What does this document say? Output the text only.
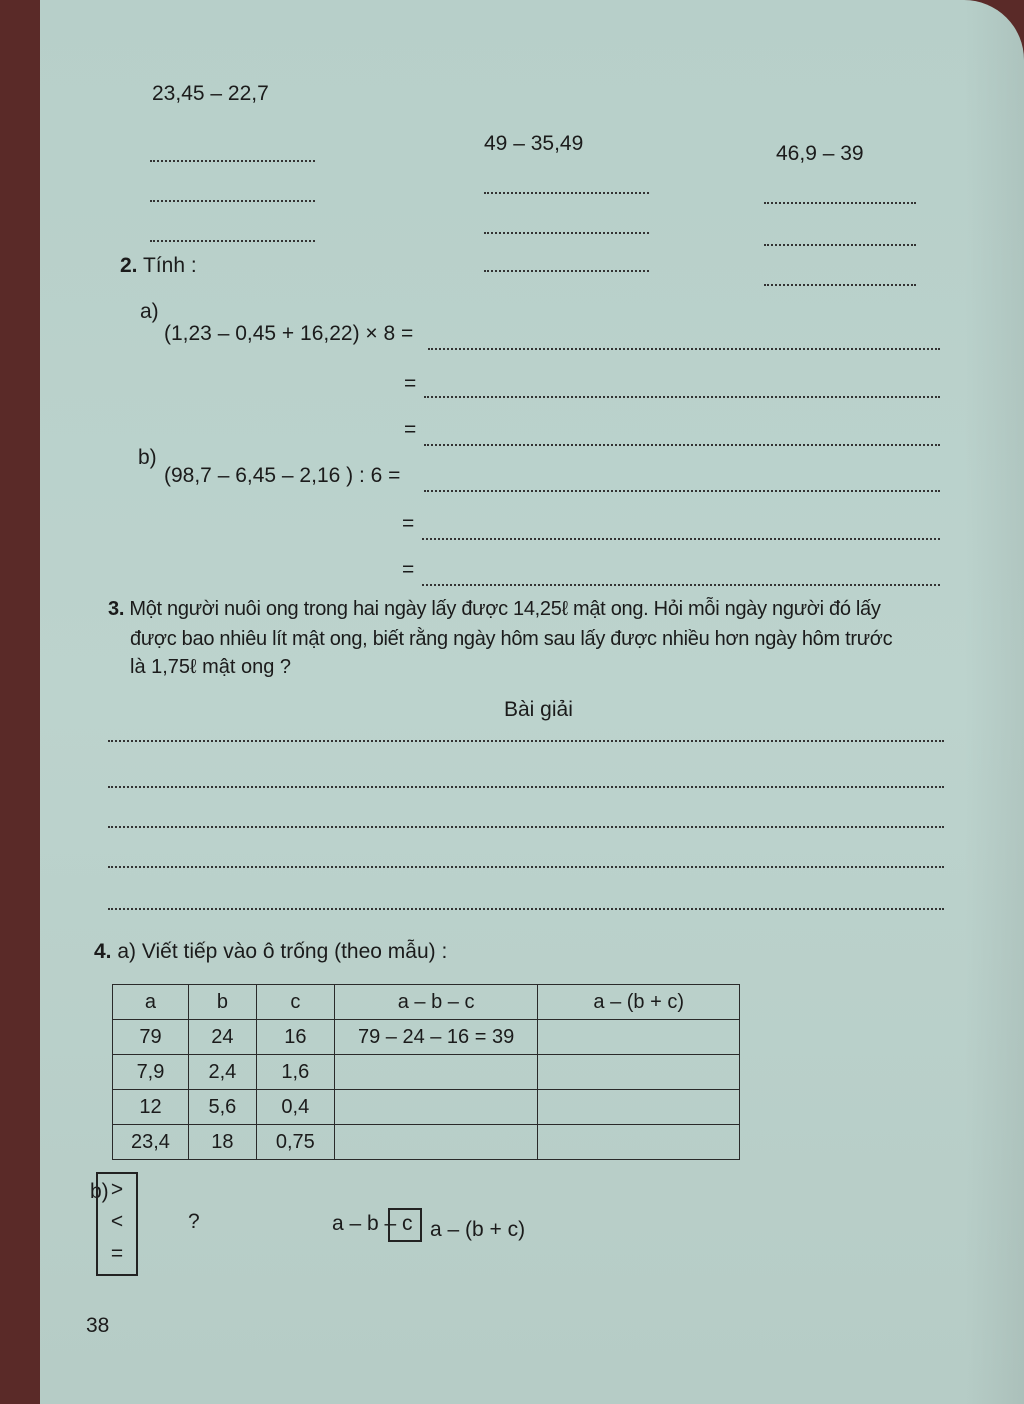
23,45 – 22,7
49 – 35,49	46,9 – 39
2. Tính :
a)
(1,23 – 0,45 + 16,22) × 8 =
=
=
b)
(98,7 – 6,45 – 2,16 ) : 6 =
=
=
3. Một người nuôi ong trong hai ngày lấy được 14,25ℓ mật ong. Hỏi mỗi ngày người đó lấy
được bao nhiêu lít mật ong, biết rằng ngày hôm sau lấy được nhiều hơn ngày hôm trước
là 1,75ℓ mật ong ?
Bài giải
4. a) Viết tiếp vào ô trống (theo mẫu) :
a	b	c	a – b – c	a – (b + c)
79	24	16	79 – 24 – 16 = 39	
7,9	2,4	1,6		
12	5,6	0,4		
23,4	18	0,75		
b) >
<
=
?	a – b – c a – (b + c)
38
